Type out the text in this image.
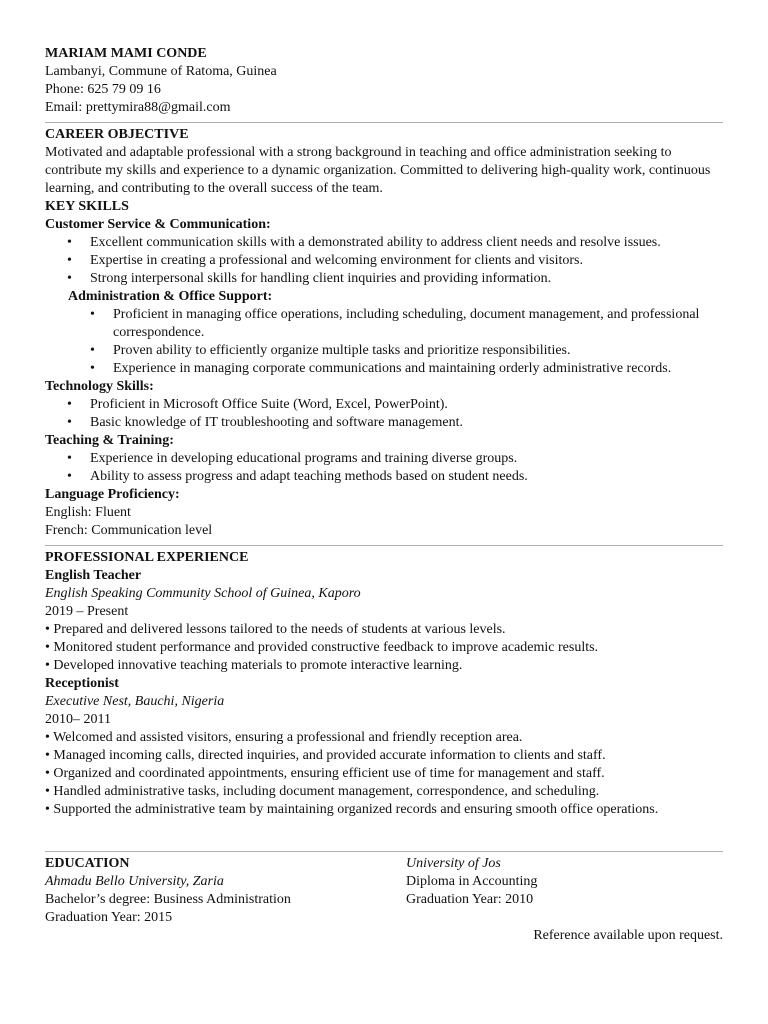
MARIAM MAMI CONDE
Lambanyi, Commune of Ratoma, Guinea
Phone: 625 79 09 16
Email: prettymira88@gmail.com
CAREER OBJECTIVE
Motivated and adaptable professional with a strong background in teaching and office administration seeking to contribute my skills and experience to a dynamic organization. Committed to delivering high-quality work, continuous learning, and contributing to the overall success of the team.
KEY SKILLS
Customer Service & Communication:
• Excellent communication skills with a demonstrated ability to address client needs and resolve issues.
• Expertise in creating a professional and welcoming environment for clients and visitors.
• Strong interpersonal skills for handling client inquiries and providing information.
Administration & Office Support:
• Proficient in managing office operations, including scheduling, document management, and professional correspondence.
• Proven ability to efficiently organize multiple tasks and prioritize responsibilities.
• Experience in managing corporate communications and maintaining orderly administrative records.
Technology Skills:
• Proficient in Microsoft Office Suite (Word, Excel, PowerPoint).
• Basic knowledge of IT troubleshooting and software management.
Teaching & Training:
• Experience in developing educational programs and training diverse groups.
• Ability to assess progress and adapt teaching methods based on student needs.
Language Proficiency:
English: Fluent
French: Communication level
PROFESSIONAL EXPERIENCE
English Teacher
English Speaking Community School of Guinea, Kaporo
2019 – Present
• Prepared and delivered lessons tailored to the needs of students at various levels.
• Monitored student performance and provided constructive feedback to improve academic results.
• Developed innovative teaching materials to promote interactive learning.
Receptionist
Executive Nest, Bauchi, Nigeria
2010– 2011
• Welcomed and assisted visitors, ensuring a professional and friendly reception area.
• Managed incoming calls, directed inquiries, and provided accurate information to clients and staff.
• Organized and coordinated appointments, ensuring efficient use of time for management and staff.
• Handled administrative tasks, including document management, correspondence, and scheduling.
• Supported the administrative team by maintaining organized records and ensuring smooth office operations.
EDUCATION
Ahmadu Bello University, Zaria
Bachelor’s degree: Business Administration
Graduation Year: 2015
University of Jos
Diploma in Accounting
Graduation Year: 2010
Reference available upon request.
